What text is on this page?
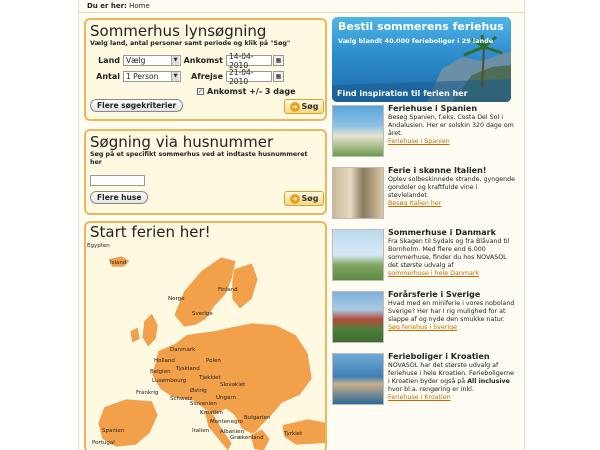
Du er her: Home
Sommerhus lynsøgning
Vælg land, antal personer samt periode og klik på "Søg"
Land Vælg	▼ Ankomst 14-04-2010	▦
Antal 1 Person	▼	Afrejse 21-04-2010	▦
✓ Ankomst +/- 3 dage
Flere søgekriterier	➔ Søg
Søgning via husnummer
Søg på et specifikt sommerhus ved at indtaste husnummeret her
Flere huse	➔ Søg
Start ferien her!
Egypten
Island
Finland
Norge
Sverige
Danmark
Holland	Polen
Belgien Tyskland
Luxembourg Tjekkiet
Slovakiet
Frankrig
Schweiz
Østrig
Ungarn
Slovenien
Kroatien
Montenegro
Bulgarien
Spanien	Italien Albanien
Grækenland
Tyrkiet
Portugal
Bestil sommerens feriehus
Vælg blandt 40.000 ferieboliger i 29 lande
Find inspiration til ferien her
Feriehuse i Spanien

Besøg Spanien, f.eks. Costa Del Sol i Andalusien. Her er solskin 320 dage om året.

Feriehuse i Spanien
Ferie i skønne Italien!

Oplev solbeskinnede strande, gyngende gondoler og kraftfulde vine i støvlelandet.

Besøg Italien her
Sommerhuse i Danmark

Fra Skagen til Sydals og fra Blåvand til Bornholm. Med flere end 6.000 sommerhuse, finder du hos NOVASOL det største udvalg af

sommerhuse i hele Danmark
Forårsferie i Sverige

Hvad med en miniferie i vores noboland Sverige? Her har I rig mulighed for at slappe af og nyde den smukke natur.

Søg feriehus i Sverige
Ferieboliger i Kroatien

NOVASOL har det største udvalg af feriehuse i hele Kroatien. Ferieboligerne i Kroatien byder også på All inclusive hvor bl.a. rengøring er inkl.

Feriehuse i Kroatien
